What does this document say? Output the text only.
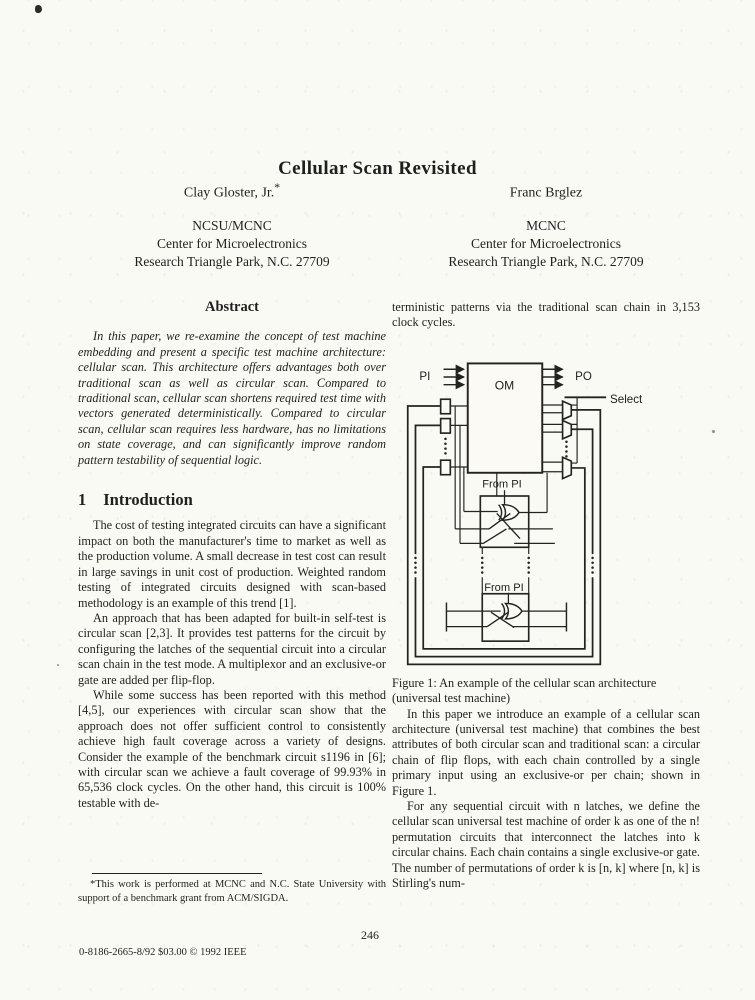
Cellular Scan Revisited
Clay Gloster, Jr.*	Franc Brglez
NCSU/MCNC
Center for Microelectronics
Research Triangle Park, N.C. 27709
MCNC
Center for Microelectronics
Research Triangle Park, N.C. 27709
Abstract

In this paper, we re-examine the concept of test machine embedding and present a specific test machine architecture: cellular scan. This architecture offers advantages both over traditional scan as well as circular scan. Compared to traditional scan, cellular scan shortens required test time with vectors generated deterministically. Compared to circular scan, cellular scan requires less hardware, has no limitations on state coverage, and can significantly improve random pattern testability of sequential logic.

1 Introduction

The cost of testing integrated circuits can have a significant impact on both the manufacturer's time to market as well as the production volume. A small decrease in test cost can result in large savings in unit cost of production. Weighted random testing of integrated circuits designed with scan-based methodology is an example of this trend [1].

An approach that has been adapted for built-in self-test is circular scan [2,3]. It provides test patterns for the circuit by configuring the latches of the sequential circuit into a circular scan chain in the test mode. A multiplexor and an exclusive-or gate are added per flip-flop.

While some success has been reported with this method [4,5], our experiences with circular scan show that the approach does not offer sufficient control to consistently achieve high fault coverage across a variety of designs. Consider the example of the benchmark circuit s1196 in [6]; with circular scan we achieve a fault coverage of 99.93% in 65,536 clock cycles. On the other hand, this circuit is 100% testable with de-

terministic patterns via the traditional scan chain in 3,153 clock cycles.

OM
PI	PO
Select
From PI
From PI

Figure 1: An example of the cellular scan architecture (universal test machine)

In this paper we introduce an example of a cellular scan architecture (universal test machine) that combines the best attributes of both circular scan and traditional scan: a circular chain of flip flops, with each chain controlled by a single primary input using an exclusive-or per chain; shown in Figure 1.

For any sequential circuit with n latches, we define the cellular scan universal test machine of order k as one of the n! permutation circuits that interconnect the latches into k circular chains. Each chain contains a single exclusive-or gate. The number of permutations of order k is [n, k] where [n, k] is Stirling's num-

*This work is performed at MCNC and N.C. State University with support of a benchmark grant from ACM/SIGDA.

246
0-8186-2665-8/92 $03.00 © 1992 IEEE
